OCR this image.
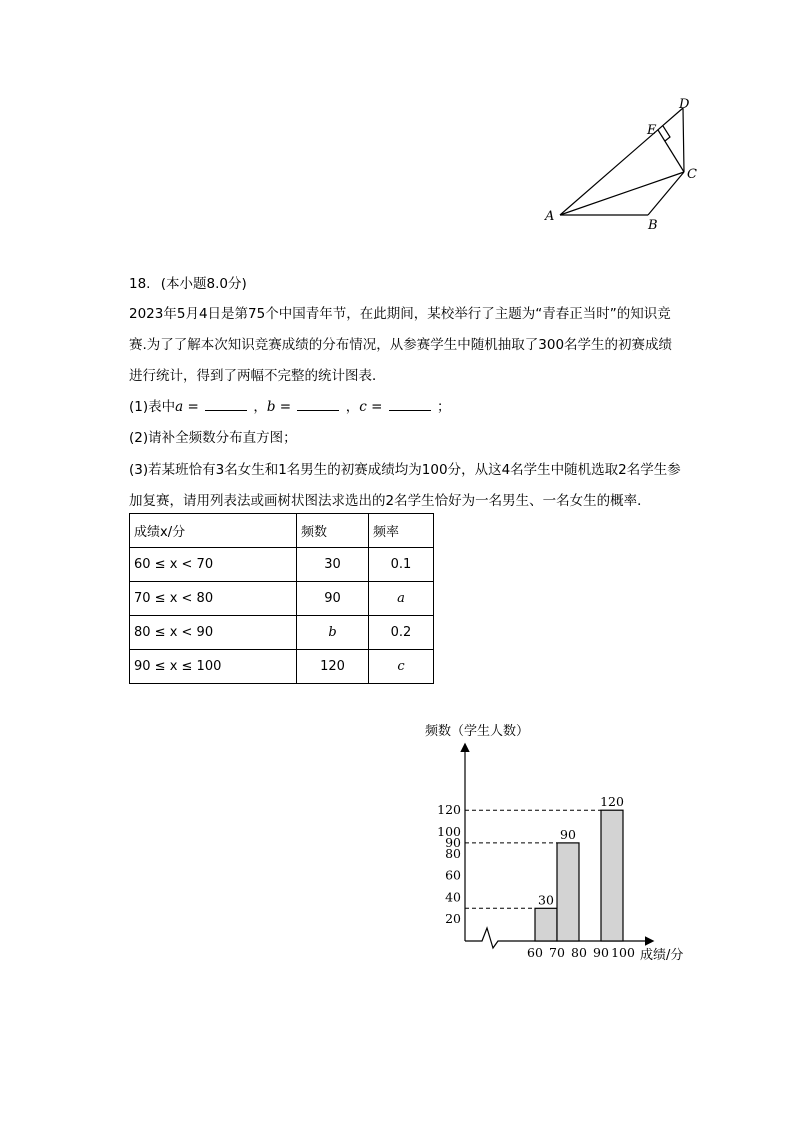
A
B
C
D
E
18. (本小题8.0分)
2023年5月4日是第75个中国青年节，在此期间，某校举行了主题为“青春正当时”的知识竞
赛.为了了解本次知识竞赛成绩的分布情况，从参赛学生中随机抽取了300名学生的初赛成绩
进行统计，得到了两幅不完整的统计图表．
(1)表中a =	，b =	，c =	；
(2)请补全频数分布直方图；
(3)若某班恰有3名女生和1名男生的初赛成绩均为100分，从这4名学生中随机选取2名学生参
加复赛，请用列表法或画树状图法求选出的2名学生恰好为一名男生、一名女生的概率．
成绩x/分	频数	频率
60 ≤ x < 70	30	0.1
70 ≤ x < 80	90	a
80 ≤ x < 90	b	0.2
90 ≤ x ≤ 100	120	c
频数（学生人数）
成绩/分
20
40
60
80
90
100
120
30
90
120
60 70 80 90 100
